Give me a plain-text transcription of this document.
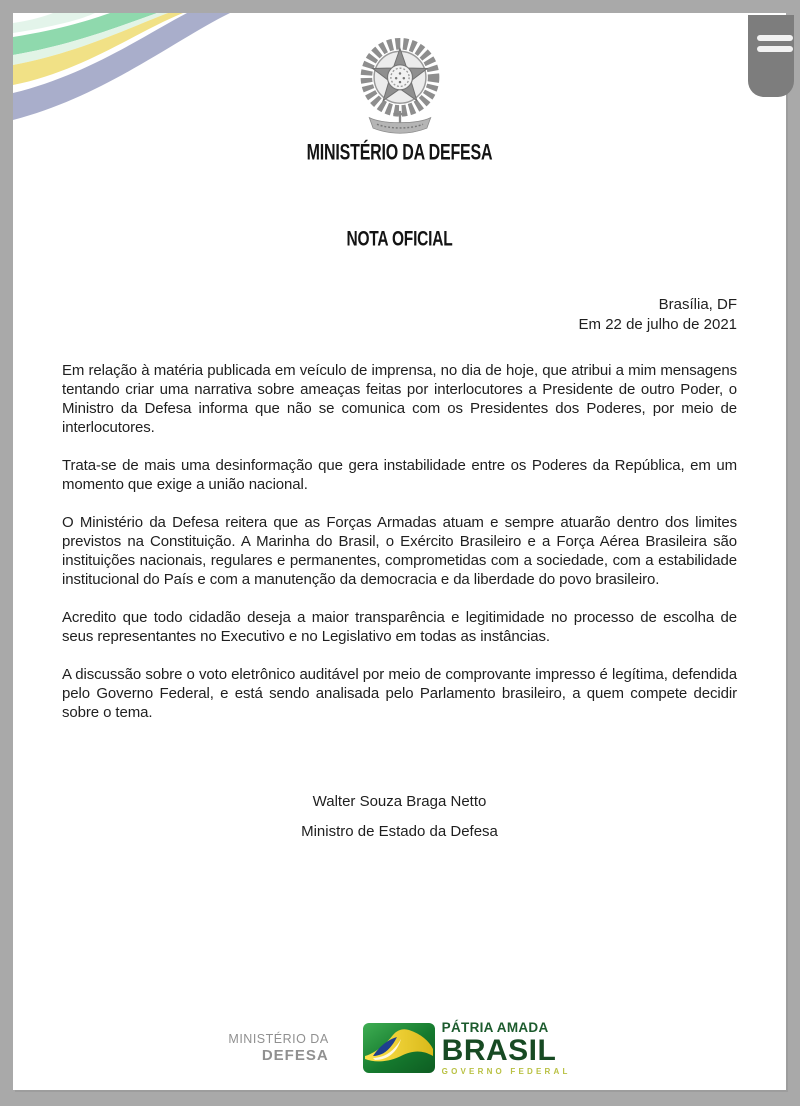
MINISTÉRIO DA DEFESA
NOTA OFICIAL
Brasília, DF
Em 22 de julho de 2021

Em relação à matéria publicada em veículo de imprensa, no dia de hoje, que atribui a mim mensagens tentando criar uma narrativa sobre ameaças feitas por interlocutores a Presidente de outro Poder, o Ministro da Defesa informa que não se comunica com os Presidentes dos Poderes, por meio de interlocutores.

Trata-se de mais uma desinformação que gera instabilidade entre os Poderes da República, em um momento que exige a união nacional.

O Ministério da Defesa reitera que as Forças Armadas atuam e sempre atuarão dentro dos limites previstos na Constituição. A Marinha do Brasil, o Exército Brasileiro e a Força Aérea Brasileira são instituições nacionais, regulares e permanentes, comprometidas com a sociedade, com a estabilidade institucional do País e com a manutenção da democracia e da liberdade do povo brasileiro.

Acredito que todo cidadão deseja a maior transparência e legitimidade no processo de escolha de seus representantes no Executivo e no Legislativo em todas as instâncias.

A discussão sobre o voto eletrônico auditável por meio de comprovante impresso é legítima, defendida pelo Governo Federal, e está sendo analisada pelo Parlamento brasileiro, a quem compete decidir sobre o tema.

Walter Souza Braga Netto
Ministro de Estado da Defesa
MINISTÉRIO DA
DEFESA
PÁTRIA AMADA
BRASIL
GOVERNO FEDERAL
